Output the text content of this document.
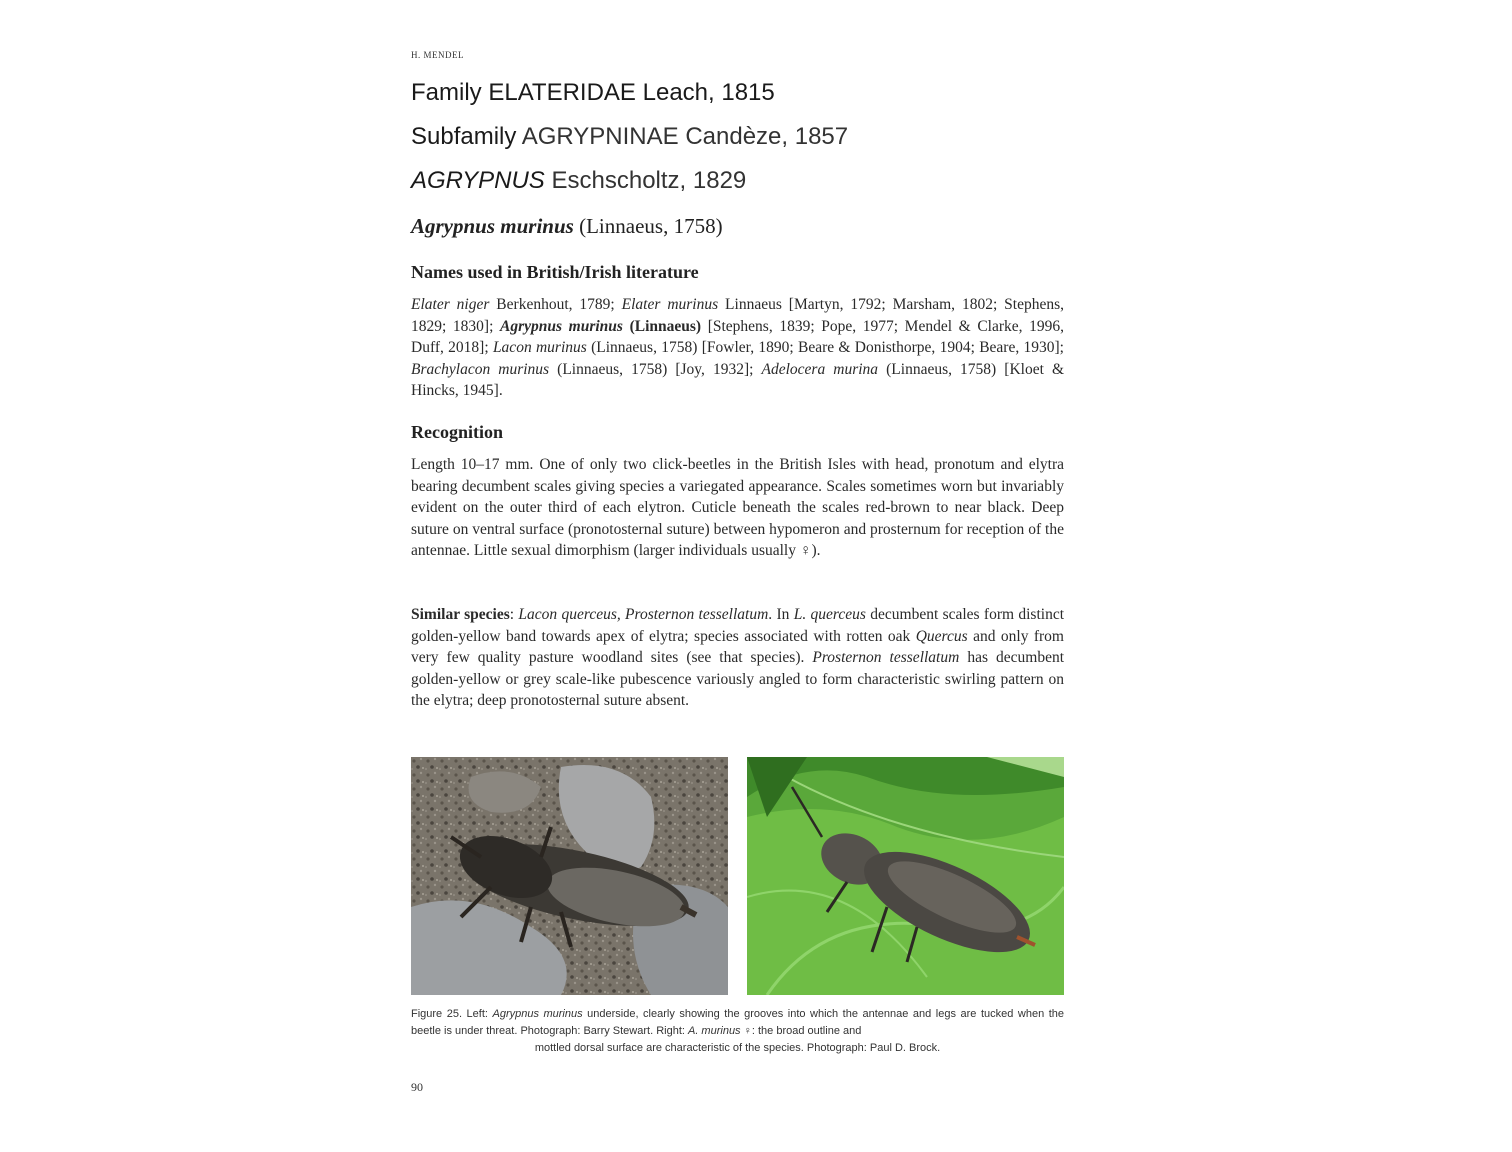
H. MENDEL
Family ELATERIDAE Leach, 1815
Subfamily AGRYPNINAE Candèze, 1857
AGRYPNUS Eschscholtz, 1829
Agrypnus murinus (Linnaeus, 1758)
Names used in British/Irish literature
Elater niger Berkenhout, 1789; Elater murinus Linnaeus [Martyn, 1792; Marsham, 1802; Stephens, 1829; 1830]; Agrypnus murinus (Linnaeus) [Stephens, 1839; Pope, 1977; Mendel & Clarke, 1996, Duff, 2018]; Lacon murinus (Linnaeus, 1758) [Fowler, 1890; Beare & Donisthorpe, 1904; Beare, 1930]; Brachylacon murinus (Linnaeus, 1758) [Joy, 1932]; Adelocera murina (Linnaeus, 1758) [Kloet & Hincks, 1945].
Recognition
Length 10–17 mm. One of only two click-beetles in the British Isles with head, pronotum and elytra bearing decumbent scales giving species a variegated appearance. Scales sometimes worn but invariably evident on the outer third of each elytron. Cuticle beneath the scales red-brown to near black. Deep suture on ventral surface (pronotosternal suture) between hypomeron and prosternum for reception of the antennae. Little sexual dimorphism (larger individuals usually ♀).
Similar species: Lacon querceus, Prosternon tessellatum. In L. querceus decumbent scales form distinct golden-yellow band towards apex of elytra; species associated with rotten oak Quercus and only from very few quality pasture woodland sites (see that species). Prosternon tessellatum has decumbent golden-yellow or grey scale-like pubescence variously angled to form characteristic swirling pattern on the elytra; deep pronotosternal suture absent.
Figure 25. Left: Agrypnus murinus underside, clearly showing the grooves into which the antennae and legs are tucked when the beetle is under threat. Photograph: Barry Stewart. Right: A. murinus ♀: the broad outline and
mottled dorsal surface are characteristic of the species. Photograph: Paul D. Brock.
90
